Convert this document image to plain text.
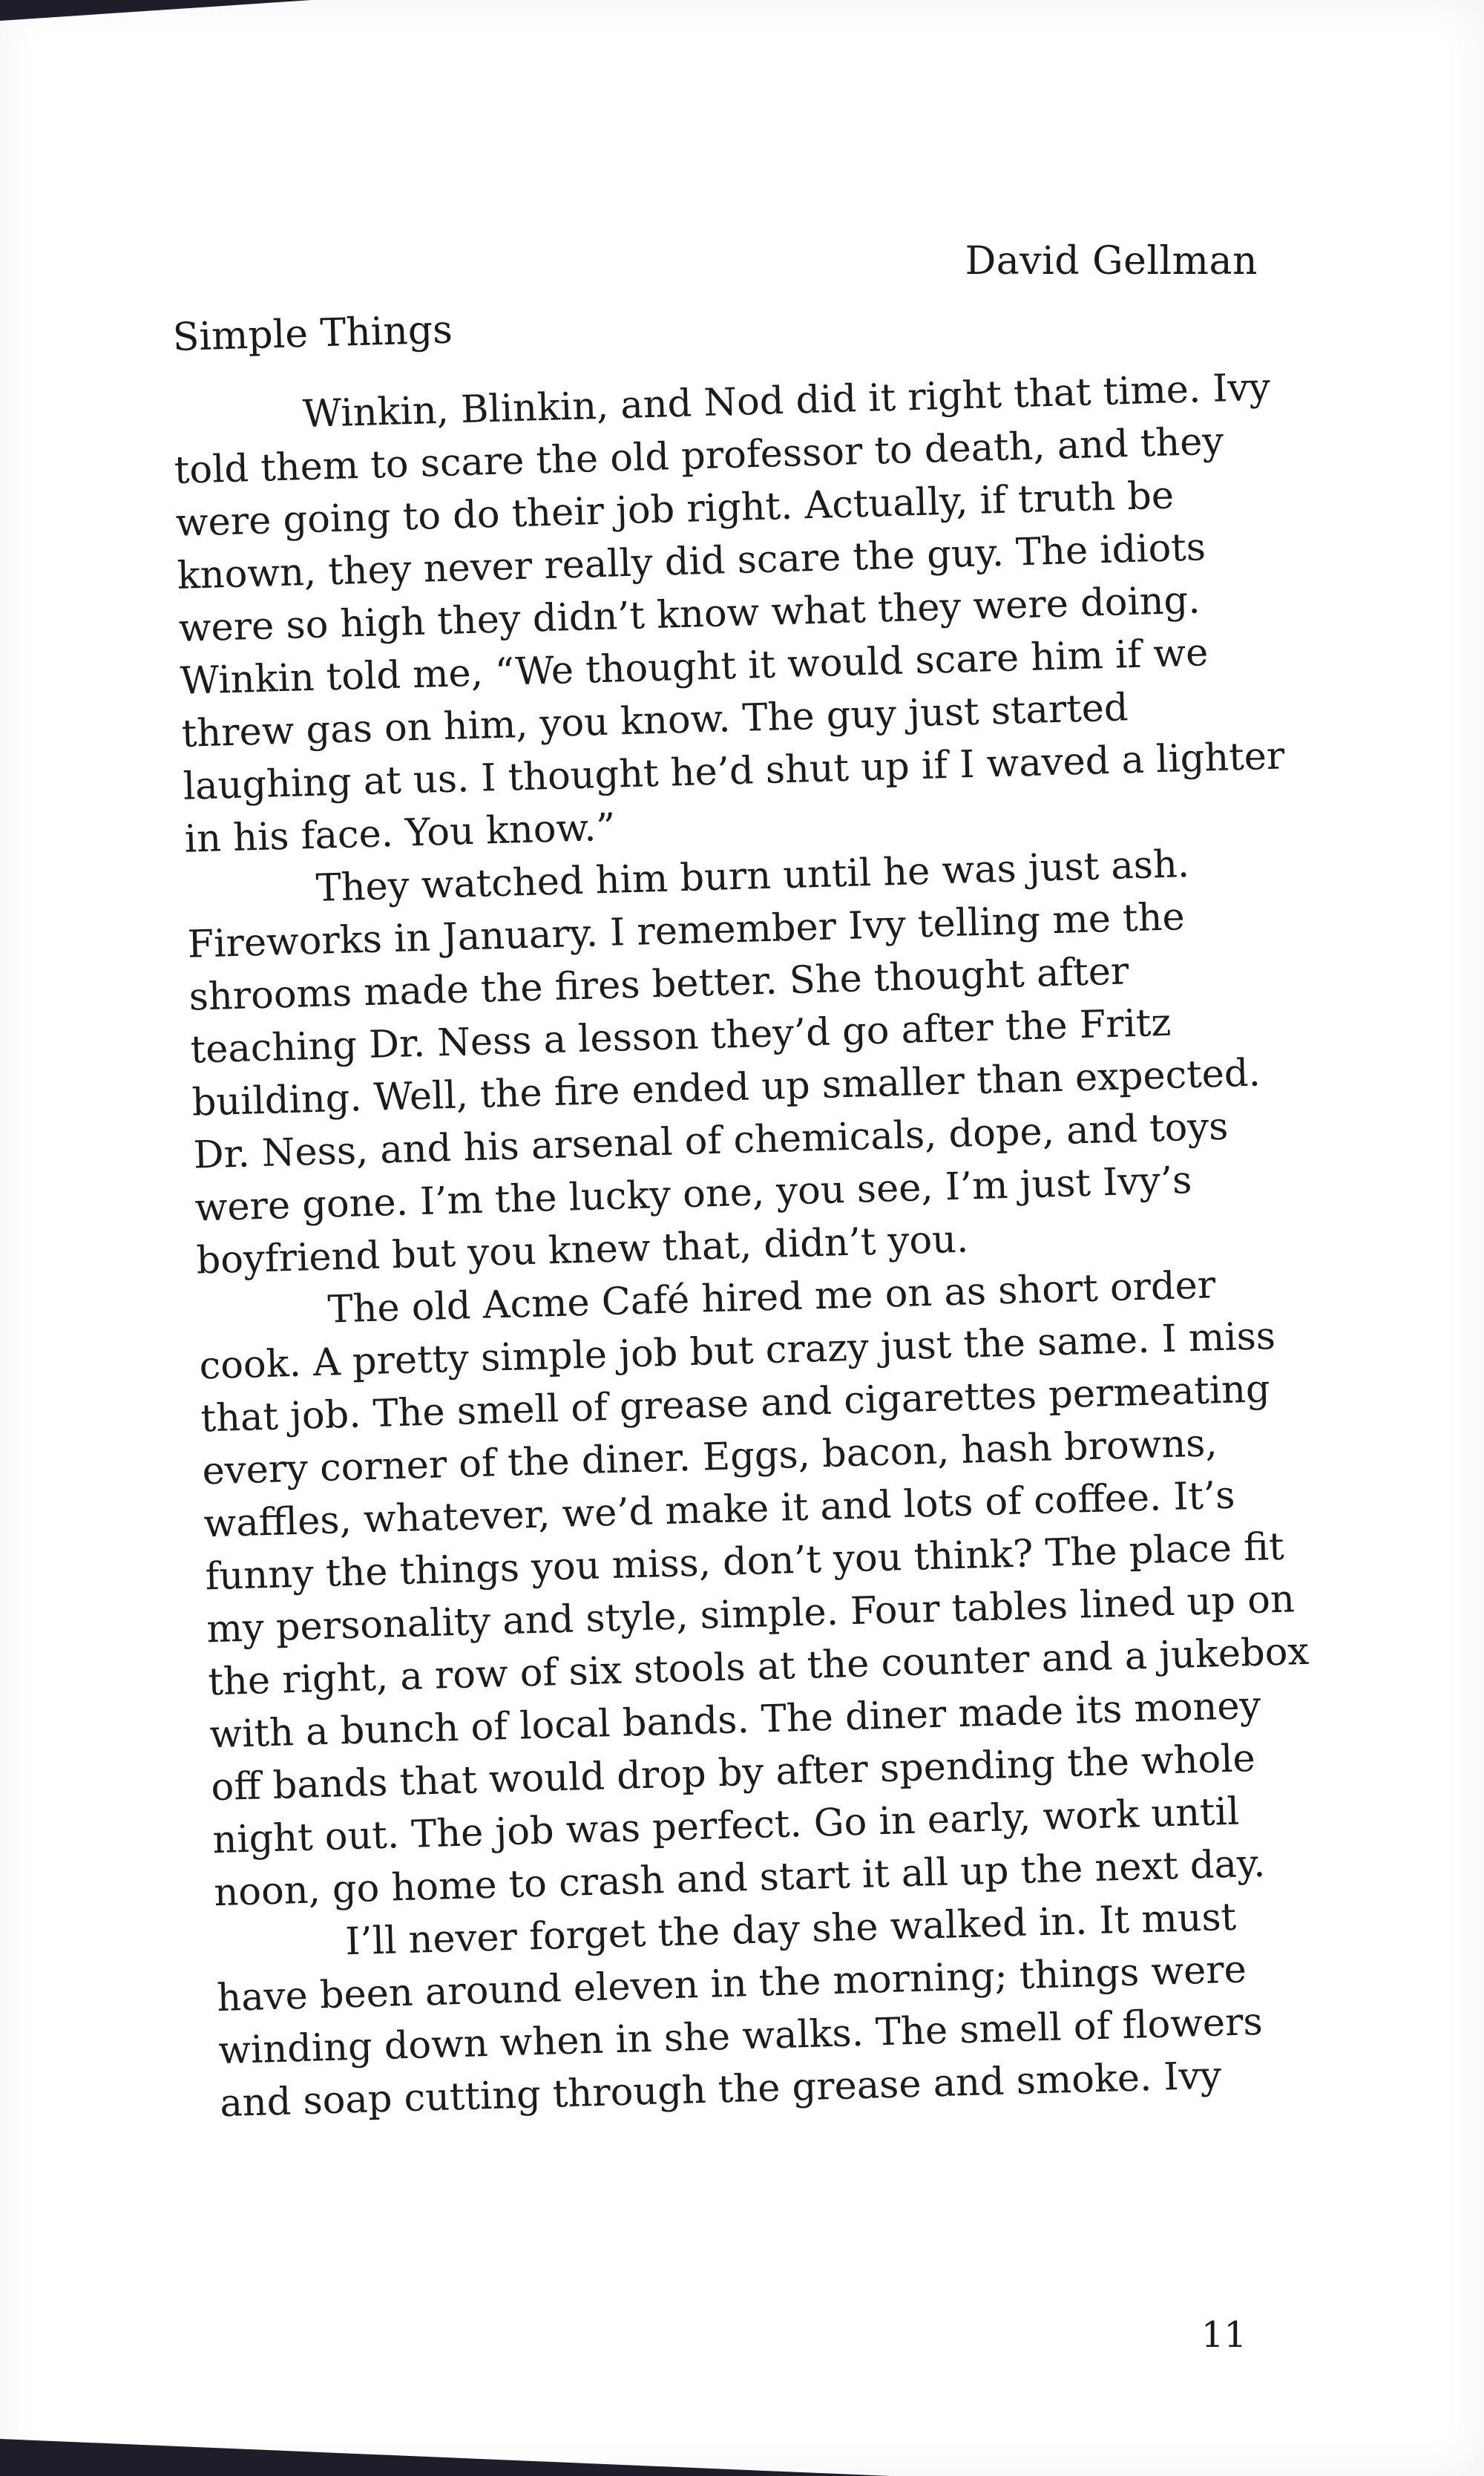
David Gellman
Simple Things

Winkin, Blinkin, and Nod did it right that time. Ivy told them to scare the old professor to death, and they were going to do their job right. Actually, if truth be known, they never really did scare the guy. The idiots were so high they didn’t know what they were doing. Winkin told me, “We thought it would scare him if we threw gas on him, you know. The guy just started laughing at us. I thought he’d shut up if I waved a lighter in his face. You know.”

They watched him burn until he was just ash. Fireworks in January. I remember Ivy telling me the shrooms made the fires better. She thought after teaching Dr. Ness a lesson they’d go after the Fritz building. Well, the fire ended up smaller than expected. Dr. Ness, and his arsenal of chemicals, dope, and toys were gone. I’m the lucky one, you see, I’m just Ivy’s boyfriend but you knew that, didn’t you.

The old Acme Café hired me on as short order cook. A pretty simple job but crazy just the same. I miss that job. The smell of grease and cigarettes permeating every corner of the diner. Eggs, bacon, hash browns, waffles, whatever, we’d make it and lots of coffee. It’s funny the things you miss, don’t you think? The place fit my personality and style, simple. Four tables lined up on the right, a row of six stools at the counter and a jukebox with a bunch of local bands. The diner made its money off bands that would drop by after spending the whole night out. The job was perfect. Go in early, work until noon, go home to crash and start it all up the next day.

I’ll never forget the day she walked in. It must have been around eleven in the morning; things were winding down when in she walks. The smell of flowers and soap cutting through the grease and smoke. Ivy

11
